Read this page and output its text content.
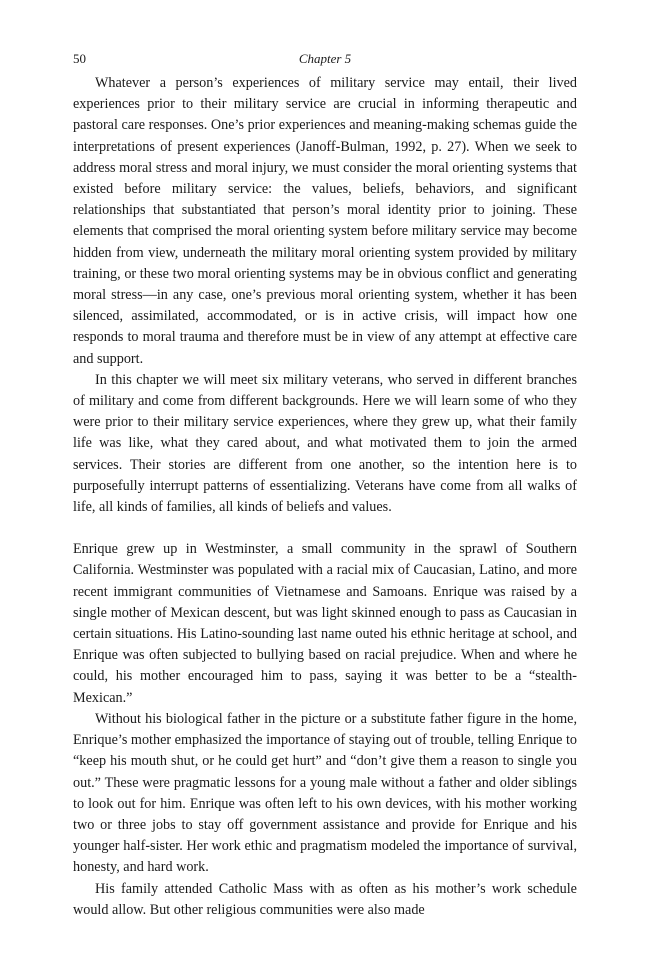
50	Chapter 5

Whatever a person’s experiences of military service may entail, their lived experiences prior to their military service are crucial in informing therapeutic and pastoral care responses. One’s prior experiences and meaning-making schemas guide the interpretations of present experiences (Janoff-Bulman, 1992, p. 27). When we seek to address moral stress and moral injury, we must consider the moral orienting systems that existed before military service: the values, beliefs, behaviors, and significant relationships that substantiated that person’s moral identity prior to joining. These elements that comprised the moral orienting system before military service may become hidden from view, underneath the military moral orienting system provided by military training, or these two moral orienting systems may be in obvious conflict and generating moral stress—in any case, one’s previous moral orienting system, whether it has been silenced, assimilated, accommodated, or is in active crisis, will impact how one responds to moral trauma and therefore must be in view of any attempt at effective care and support.

In this chapter we will meet six military veterans, who served in different branches of military and come from different backgrounds. Here we will learn some of who they were prior to their military service experiences, where they grew up, what their family life was like, what they cared about, and what motivated them to join the armed services. Their stories are different from one another, so the intention here is to purposefully interrupt patterns of essentializing. Veterans have come from all walks of life, all kinds of families, all kinds of beliefs and values.

Enrique grew up in Westminster, a small community in the sprawl of Southern California. Westminster was populated with a racial mix of Caucasian, Latino, and more recent immigrant communities of Vietnamese and Samoans. Enrique was raised by a single mother of Mexican descent, but was light skinned enough to pass as Caucasian in certain situations. His Latino-sounding last name outed his ethnic heritage at school, and Enrique was often subjected to bullying based on racial prejudice. When and where he could, his mother encouraged him to pass, saying it was better to be a “stealth-Mexican.”

Without his biological father in the picture or a substitute father figure in the home, Enrique’s mother emphasized the importance of staying out of trouble, telling Enrique to “keep his mouth shut, or he could get hurt” and “don’t give them a reason to single you out.” These were pragmatic lessons for a young male without a father and older siblings to look out for him. Enrique was often left to his own devices, with his mother working two or three jobs to stay off government assistance and provide for Enrique and his younger half-sister. Her work ethic and pragmatism modeled the importance of survival, honesty, and hard work.

His family attended Catholic Mass with as often as his mother’s work schedule would allow. But other religious communities were also made
